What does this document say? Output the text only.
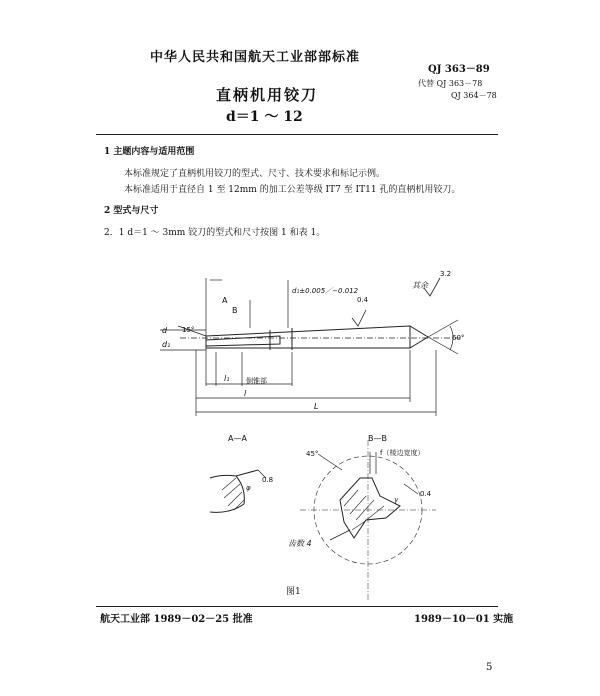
中华人民共和国航天工业部部标准
QJ 363－89
代替 QJ 363－78
QJ 364－78
直柄机用铰刀
d＝1 ～ 12
1 主题内容与适用范围
本标准规定了直柄机用铰刀的型式、尺寸、技术要求和标记示例。
本标准适用于直径自 1 至 12mm 的加工公差等级 IT7 至 IT11 孔的直柄机用铰刀。
2 型式与尺寸
2．1 d＝1 ～ 3mm 铰刀的型式和尺寸按图 1 和表 1。
其余
3.2
d₁±0.005／−0.012
倒锥部
l₁
l
L
A
B
d
d₁
15°
60°
0.4
A—A
0.8
φ
B—B
f（棱边宽度）
45°
齿数 4
0.4
γ
图1
航天工业部 1989－02－25 批准	1989－10－01 实施
5
